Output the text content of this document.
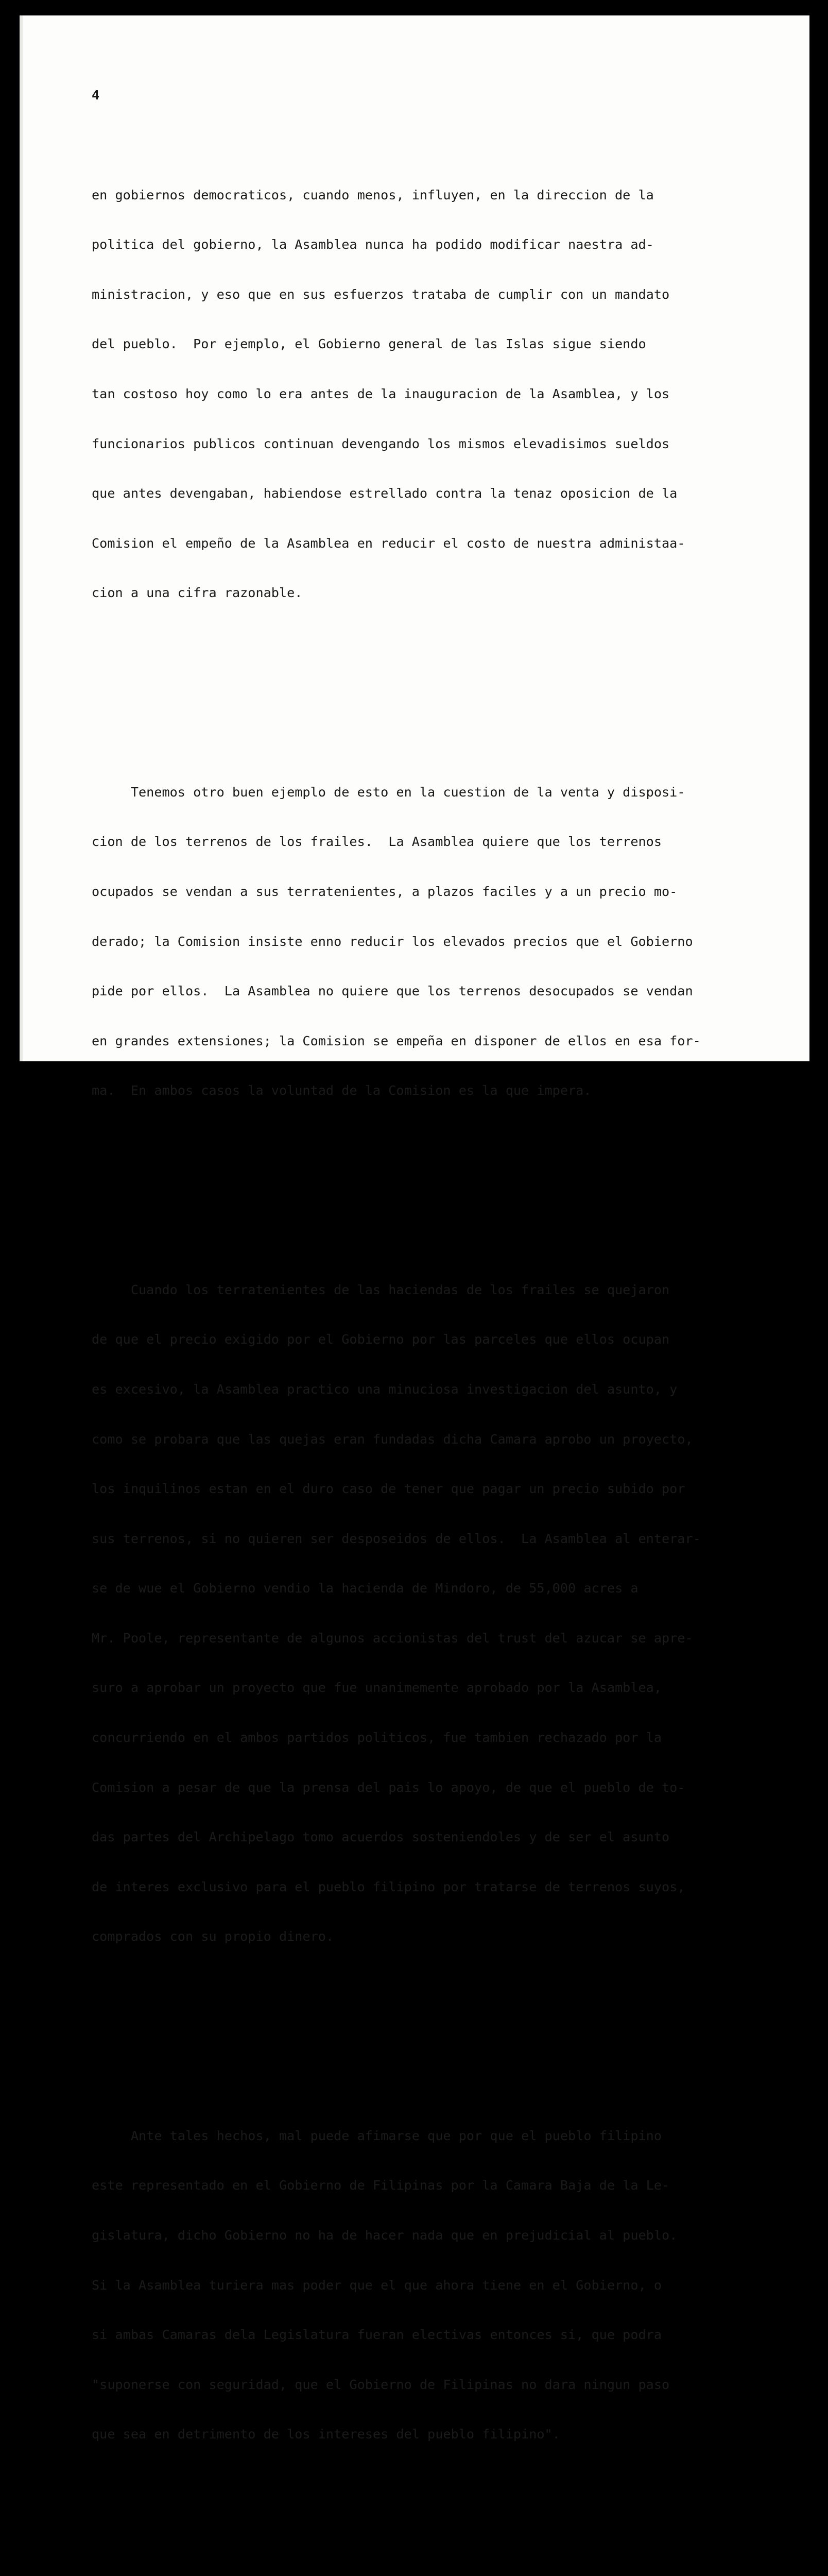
4

en gobiernos democraticos, cuando menos, influyen, en la direccion de la

politica del gobierno, la Asamblea nunca ha podido modificar naestra ad-

ministracion, y eso que en sus esfuerzos trataba de cumplir con un mandato

del pueblo.  Por ejemplo, el Gobierno general de las Islas sigue siendo

tan costoso hoy como lo era antes de la inauguracion de la Asamblea, y los

funcionarios publicos continuan devengando los mismos elevadisimos sueldos

que antes devengaban, habiendose estrellado contra la tenaz oposicion de la

Comision el empeño de la Asamblea en reducir el costo de nuestra administaa-

cion a una cifra razonable.

Tenemos otro buen ejemplo de esto en la cuestion de la venta y disposi-

cion de los terrenos de los frailes.  La Asamblea quiere que los terrenos

ocupados se vendan a sus terratenientes, a plazos faciles y a un precio mo-

derado; la Comision insiste enno reducir los elevados precios que el Gobierno

pide por ellos.  La Asamblea no quiere que los terrenos desocupados se vendan

en grandes extensiones; la Comision se empeña en disponer de ellos en esa for-

ma.  En ambos casos la voluntad de la Comision es la que impera.

Cuando los terratenientes de las haciendas de los frailes se quejaron

de que el precio exigido por el Gobierno por las parceles que ellos ocupan

es excesivo, la Asamblea practico una minuciosa investigacion del asunto, y

como se probara que las quejas eran fundadas dicha Camara aprobo un proyecto,

los inquilinos estan en el duro caso de tener que pagar un precio subido por

sus terrenos, si no quieren ser desposeidos de ellos.  La Asamblea al enterar-

se de wue el Gobierno vendio la hacienda de Mindoro, de 55,000 acres a

Mr. Poole, representante de algunos accionistas del trust del azucar se apre-

suro a aprobar un proyecto que fue unanimemente aprobado por la Asamblea,

concurriendo en el ambos partidos politicos, fue tambien rechazado por la

Comision a pesar de que la prensa del pais lo apoyo, de que el pueblo de to-

das partes del Archipelago tomo acuerdos sosteniendoles y de ser el asunto

de interes exclusivo para el pueblo filipino por tratarse de terrenos suyos,

comprados con su propio dinero.

Ante tales hechos, mal puede afimarse que por que el pueblo filipino

este representado en el Gobierno de Filipinas por la Camara Baja de la Le-

gislatura, dicho Gobierno no ha de hacer nada que en prejudicial al pueblo.

Si la Asamblea turiera mas poder que el que ahora tiene en el Gobierno, o

si ambas Camaras dela Legislatura fueran electivas entonces si, que podra

"suponerse con seguridad, que el Gobierno de Filipinas no dara ningun paso

que sea en detrimento de los intereses del pueblo filipino".
